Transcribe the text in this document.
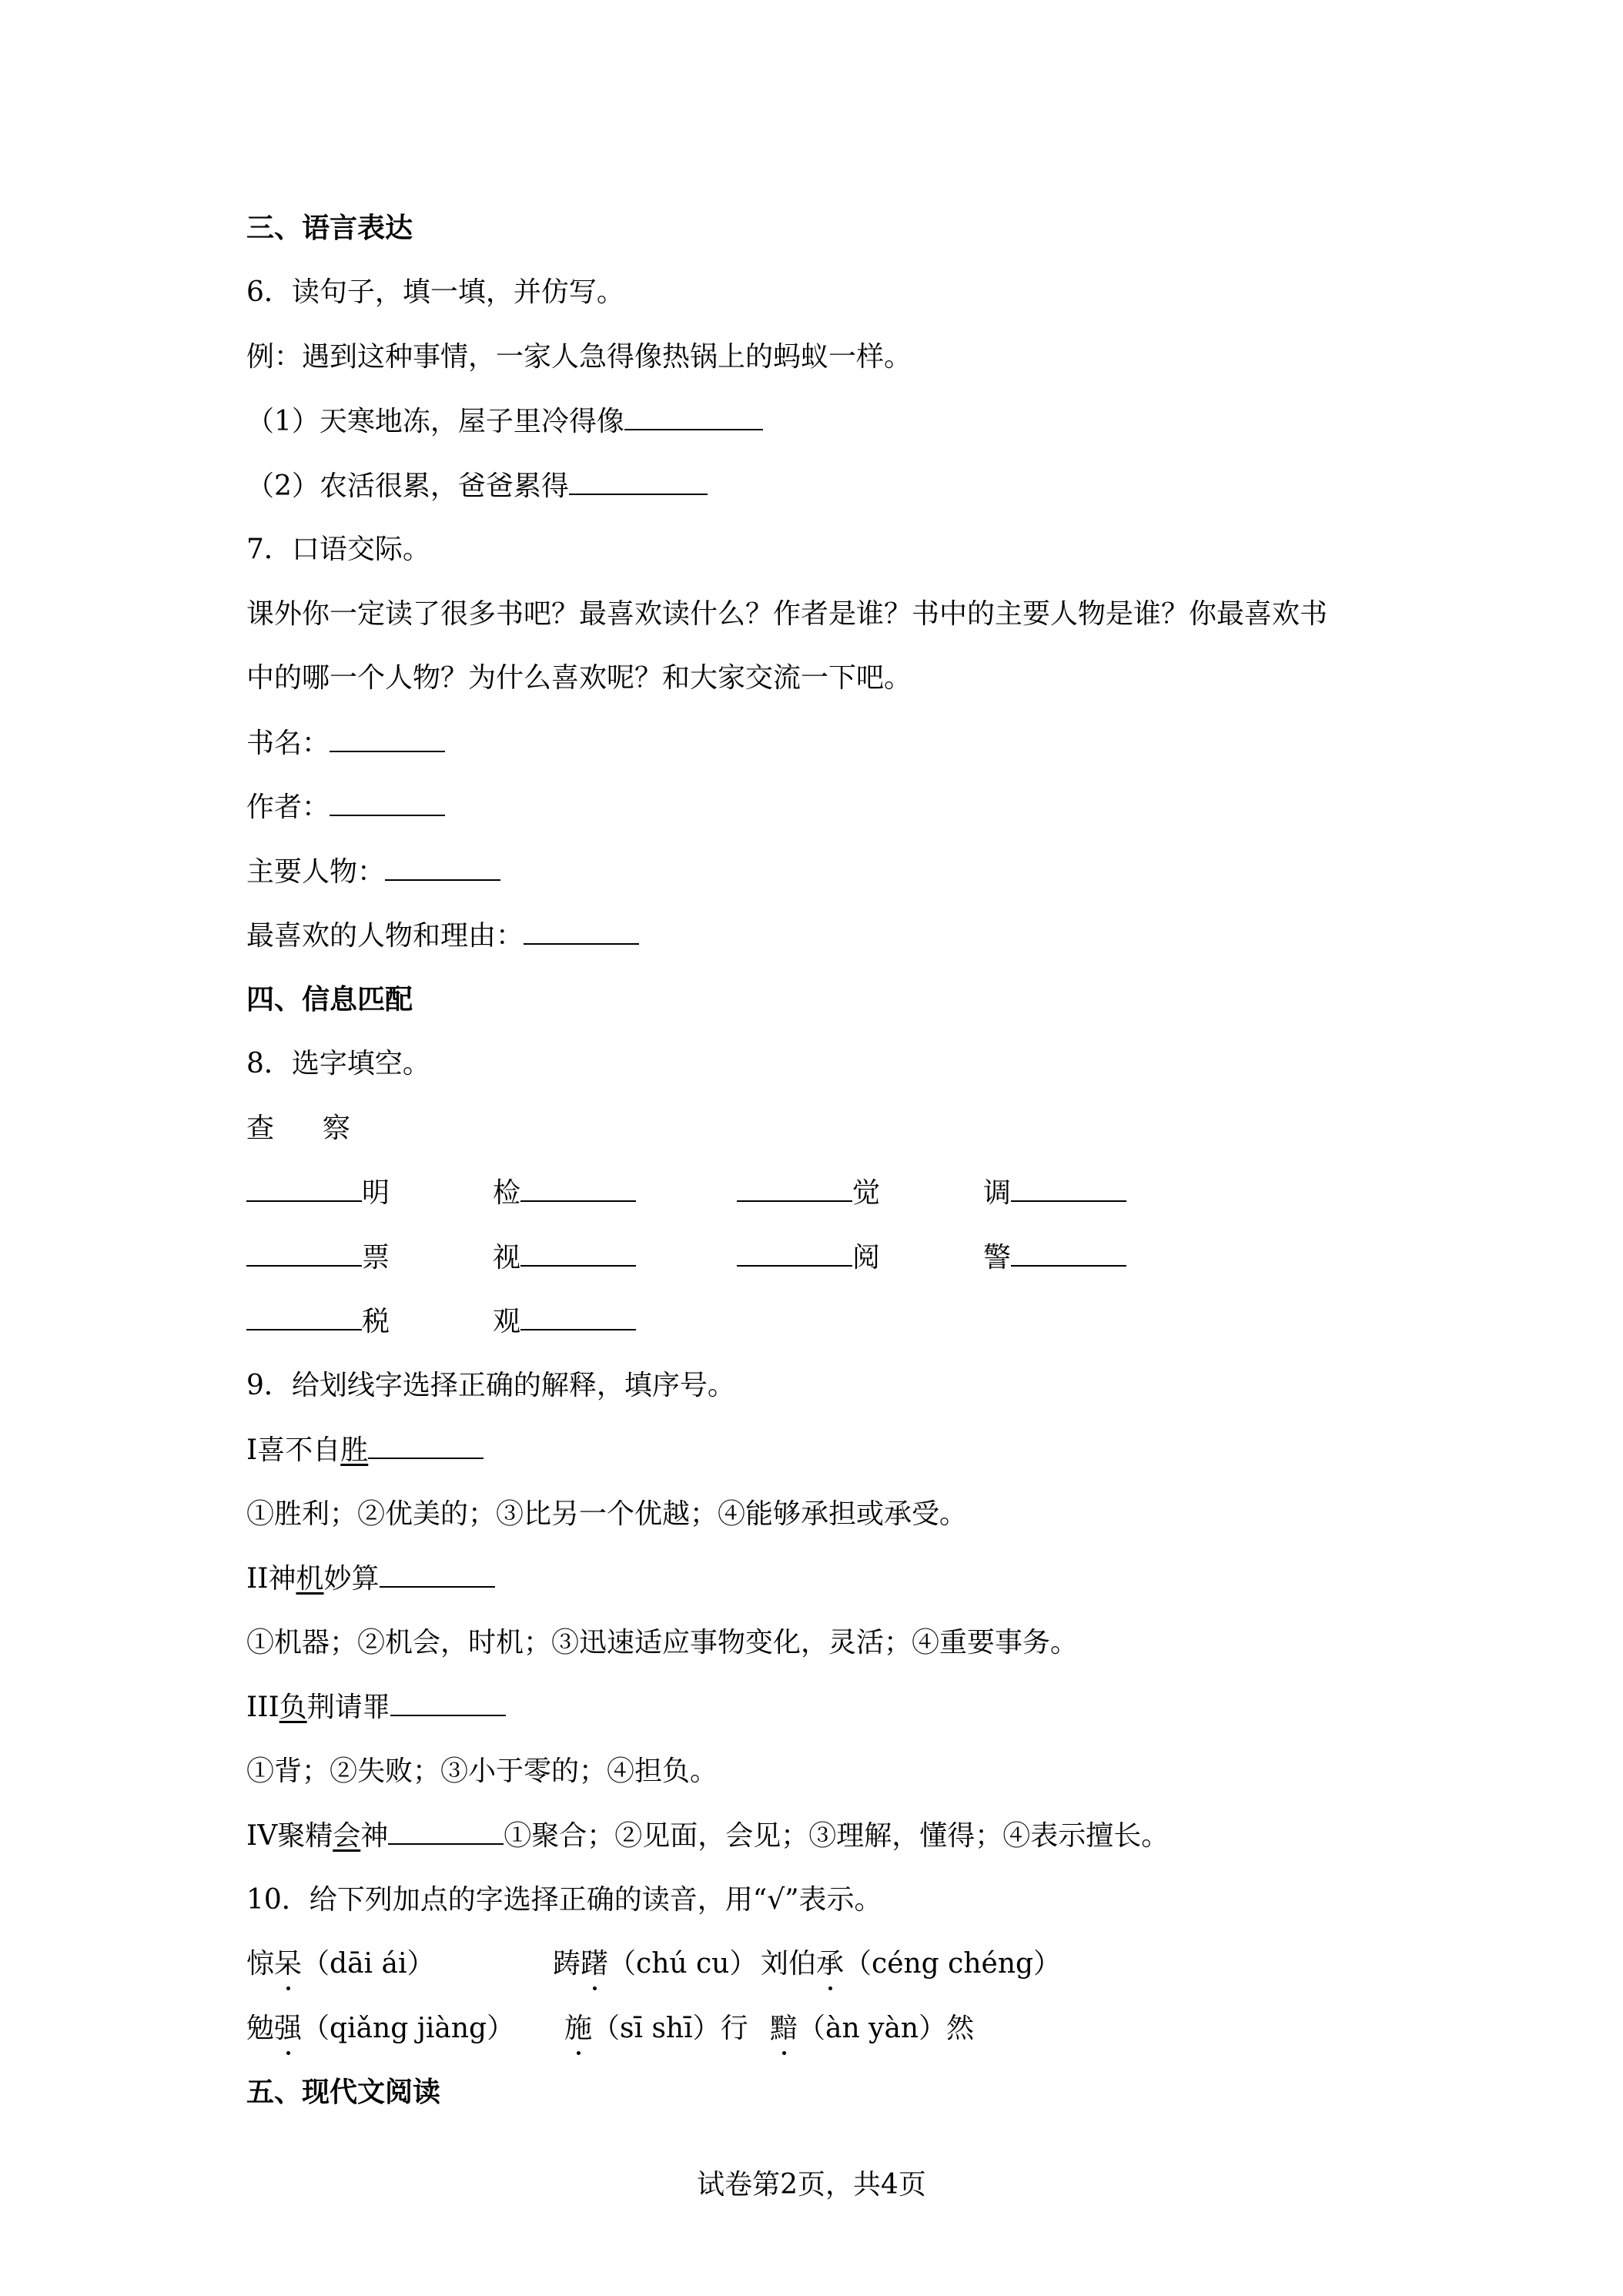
三、语言表达
6．读句子，填一填，并仿写。
例：遇到这种事情，一家人急得像热锅上的蚂蚁一样。
（1）天寒地冻，屋子里冷得像
（2）农活很累，爸爸累得
7．口语交际。
课外你一定读了很多书吧？最喜欢读什么？作者是谁？书中的主要人物是谁？你最喜欢书
中的哪一个人物？为什么喜欢呢？和大家交流一下吧。
书名：
作者：
主要人物：
最喜欢的人物和理由：
四、信息匹配
8．选字填空。
查 察
明	检	觉	调
票	视	阅	警
税	观
9．给划线字选择正确的解释，填序号。
I喜不自胜
①胜利；②优美的；③比另一个优越；④能够承担或承受。
II神机妙算
①机器；②机会，时机；③迅速适应事物变化，灵活；④重要事务。
III负荆请罪
①背；②失败；③小于零的；④担负。
IV聚精会神	①聚合；②见面，会见；③理解，懂得；④表示擅长。
10．给下列加点的字选择正确的读音，用“√”表示。
惊呆（dāi ái）	踌躇（chú cu） 刘伯承（céng chéng）
勉强（qiǎng jiàng） 施（sī shī）行 黯（àn yàn）然
五、现代文阅读
试卷第2页，共4页
